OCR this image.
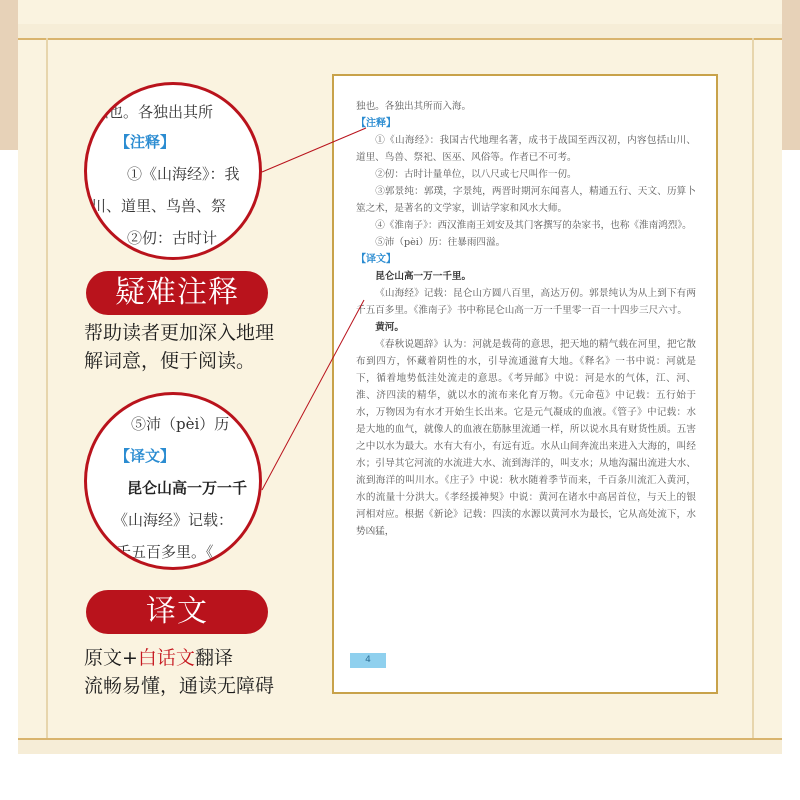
独也。各独出其所而入海。

【注释】

①《山海经》：我国古代地理名著，成书于战国至西汉初，内容包括山川、道里、鸟兽、祭祀、医巫、风俗等。作者已不可考。

②仞：古时计量单位，以八尺或七尺叫作一仞。

③郭景纯：郭璞，字景纯，两晋时期河东闻喜人，精通五行、天文、历算卜筮之术，是著名的文学家，训诂学家和风水大师。

④《淮南子》：西汉淮南王刘安及其门客撰写的杂家书，也称《淮南鸿烈》。

⑤沛（pèi）历：往暴雨四溢。

【译文】

昆仑山高一万一千里。

《山海经》记载：昆仑山方圆八百里，高达万仞。郭景纯认为从上到下有两千五百多里。《淮南子》书中称昆仑山高一万一千里零一百一十四步三尺六寸。

黄河。

《春秋说题辞》认为：河就是载荷的意思，把天地的精气载在河里，把它散布到四方，怀藏着阴性的水，引导流通滋育大地。《释名》一书中说：河就是下，循着地势低洼处流走的意思。《考异邮》中说：河是水的气体，江、河、淮、济四渎的精华，就以水的流布来化育万物。《元命苞》中记载：五行始于水，万物因为有水才开始生长出来。它是元气凝成的血液。《管子》中记载：水是大地的血气，就像人的血液在筋脉里流通一样，所以说水具有财货性质。五害之中以水为最大。水有大有小，有远有近。水从山间奔流出来进入大海的，叫经水；引导其它河流的水流进大水、流到海洋的，叫支水；从地沟漏出流进大水、流到海洋的叫川水。《庄子》中说：秋水随着季节而来，千百条川流汇入黄河，水的流量十分洪大。《孝经援神契》中说：黄河在诸水中高居首位，与天上的银河相对应。根据《新论》记载：四渎的水源以黄河水为最长，它从高处流下，水势凶猛，

4
独也。各独出其所
【注释】
①《山海经》：我
川、道里、鸟兽、祭
②仞：古时计
⑤沛（pèi）历
【译文】
昆仑山高一万一千
《山海经》记载：
两千五百多里。《
疑难注释
帮助读者更加深入地理
解词意，便于阅读。
译文
原文+白话文翻译
流畅易懂，通读无障碍
